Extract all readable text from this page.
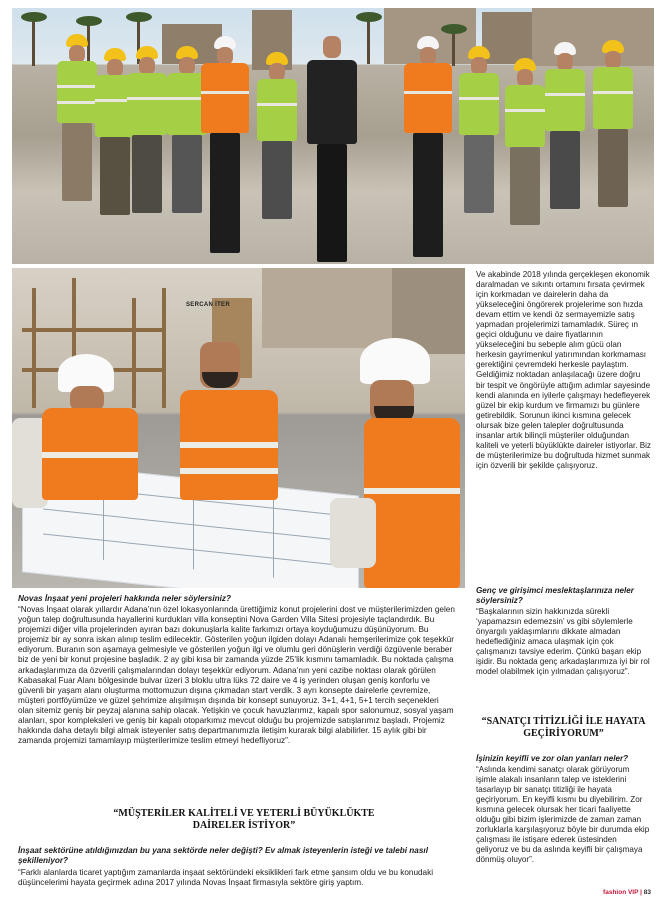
SERCAN İTER
Ve akabinde 2018 yılında gerçekleşen ekonomik daralmadan ve sıkıntı ortamını fırsata çevirmek için korkmadan ve dairelerin daha da yükseleceğini öngörerek projelerime son hızda devam ettim ve kendi öz sermayemizle satış yapmadan projelerimizi tamamladık. Süreç ın geçici olduğunu ve daire fiyatlarının yükseleceğini bu sebeple alım gücü olan herkesin gayrimenkul yatırımından korkmaması gerektiğini çevremdeki herkesle paylaştım. Geldiğimiz noktadan anlaşılacağı üzere doğru bir tespit ve öngörüyle attığım adımlar sayesinde kendi alanında en iyilerle çalışmayı hedefleyerek güzel bir ekip kurdum ve firmamızı bu günlere getirebildik. Sorunun ikinci kısmına gelecek olursak bize gelen talepler doğrultusunda insanlar artık bilinçli müşteriler olduğundan kaliteli ve yeterli büyüklükte daireler istiyorlar. Biz de müşterilerimize bu doğrultuda hizmet sunmak için özverili bir şekilde çalışıyoruz.
Novas İnşaat yeni projeleri hakkında neler söylersiniz?
“Novas İnşaat olarak yıllardır Adana’nın özel lokasyonlarında ürettiğimiz konut projelerini dost ve müşterilerimizden gelen yoğun talep doğrultusunda hayallerini kurdukları villa konseptini Nova Garden Villa Sitesi projesiyle taçlandırdık. Bu projemizi diğer villa projelerinden ayıran bazı dokunuşlarla kalite farkımızı ortaya koyduğumuzu düşünüyorum. Bu projemiz bir ay sonra iskan alınıp teslim edilecektir. Gösterilen yoğun ilgiden dolayı Adanalı hemşerilerimize çok teşekkür ediyorum. Buranın son aşamaya gelmesiyle ve gösterilen yoğun ilgi ve olumlu geri dönüşlerin verdiği özgüvenle beraber biz de yeni bir konut projesine başladık. 2 ay gibi kısa bir zamanda yüzde 25’lik kısmını tamamladık. Bu noktada çalışma arkadaşlarımıza da özverili çalışmalarından dolayı teşekkür ediyorum. Adana’nın yeni cazibe noktası olarak görülen Kabasakal Fuar Alanı bölgesinde bulvar üzeri 3 bloklu ultra lüks 72 daire ve 4 iş yerinden oluşan geniş konforlu ve güvenli bir yaşam alanı oluşturma mottomuzun dışına çıkmadan start verdik. 3 ayrı konsepte dairelerle çevremize, müşteri portföyümüze ve güzel şehrimize alışılmışın dışında bir konsept sunuyoruz. 3+1, 4+1, 5+1 tercih seçenekleri olan sitemiz geniş bir peyzaj alanına sahip olacak. Yetişkin ve çocuk havuzlarımız, kapalı spor salonumuz, sosyal yaşam alanları, spor kompleksleri ve geniş bir kapalı otoparkımız mevcut olduğu bu projemizde satışlarımız başladı. Projemiz hakkında daha detaylı bilgi almak isteyenler satış departmanımızla iletişim kurarak bilgi alabilirler. 15 aylık gibi bir zamanda projemizi tamamlayıp müşterilerimize teslim etmeyi hedefliyoruz”.
“MÜŞTERİLER KALİTELİ VE YETERLİ BÜYÜKLÜKTE DAİRELER İSTİYOR”
İnşaat sektörüne atıldığınızdan bu yana sektörde neler değişti? Ev almak isteyenlerin isteği ve talebi nasıl şekilleniyor?
“Farklı alanlarda ticaret yaptığım zamanlarda inşaat sektöründeki eksiklikleri fark etme şansım oldu ve bu konudaki düşüncelerimi hayata geçirmek adına 2017 yılında Novas İnşaat firmasıyla sektöre giriş yaptım.
Genç ve girişimci meslektaşlarınıza neler söylersiniz?
“Başkalarının sizin hakkınızda sürekli ‘yapamazsın edemezsin’ vs gibi söylemlerle önyargılı yaklaşımlarını dikkate almadan hedeflediğiniz amaca ulaşmak için çok çalışmanızı tavsiye ederim. Çünkü başarı ekip işidir. Bu noktada genç arkadaşlarımıza iyi bir rol model olabilmek için yılmadan çalışıyoruz”.
“SANATÇI TİTİZLİĞİ İLE HAYATA GEÇİRİYORUM”
İşinizin keyifli ve zor olan yanları neler?
“Aslında kendimi sanatçı olarak görüyorum işimle alakalı insanların talep ve isteklerini tasarlayıp bir sanatçı titizliği ile hayata geçiriyorum. En keyifli kısmı bu diyebilirim. Zor kısmına gelecek olursak her ticari faaliyette olduğu gibi bizim işlerimizde de zaman zaman zorluklarla karşılaşıyoruz böyle bir durumda ekip çalışması ile istişare ederek üstesinden geliyoruz ve bu da aslında keyifli bir çalışmaya dönmüş oluyor”.
fashion VIP | 83
